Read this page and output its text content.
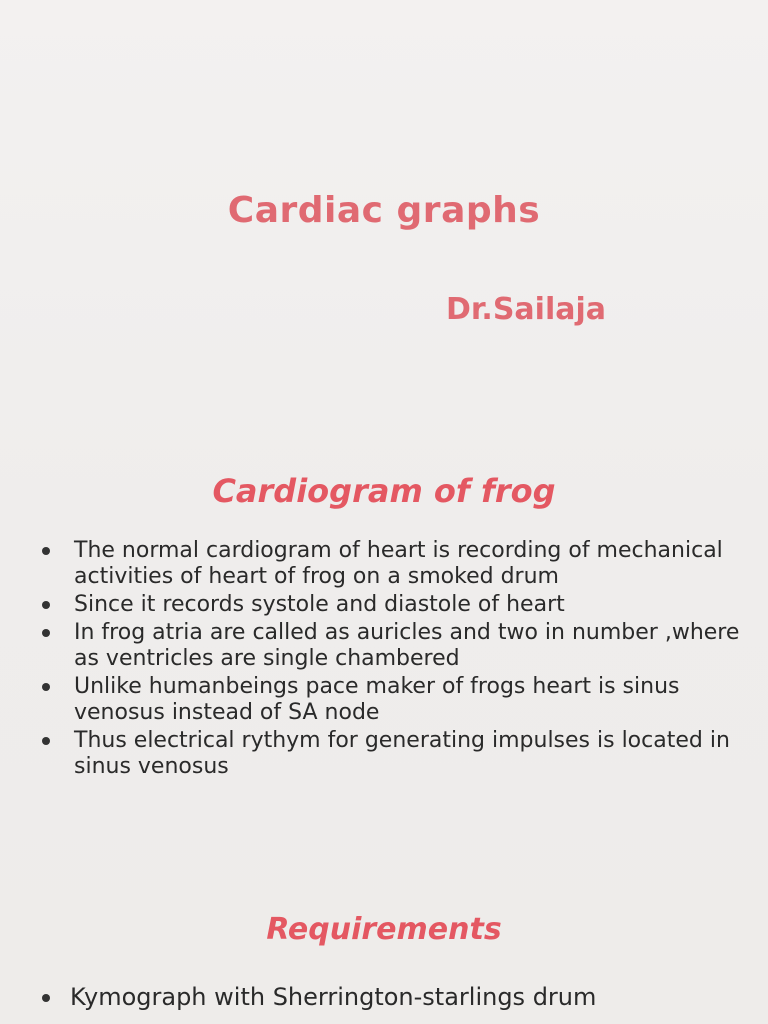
Cardiac graphs
Dr.Sailaja
Cardiogram of frog
The normal cardiogram of heart is recording of mechanical activities of heart of frog on a smoked drum
Since it records systole and diastole of heart
In frog atria are called as auricles and two in number ,where as ventricles are single chambered
Unlike humanbeings pace maker of frogs heart is sinus venosus instead of SA node
Thus electrical rythym for generating impulses is located in sinus venosus
Requirements
Kymograph with Sherrington-starlings drum
